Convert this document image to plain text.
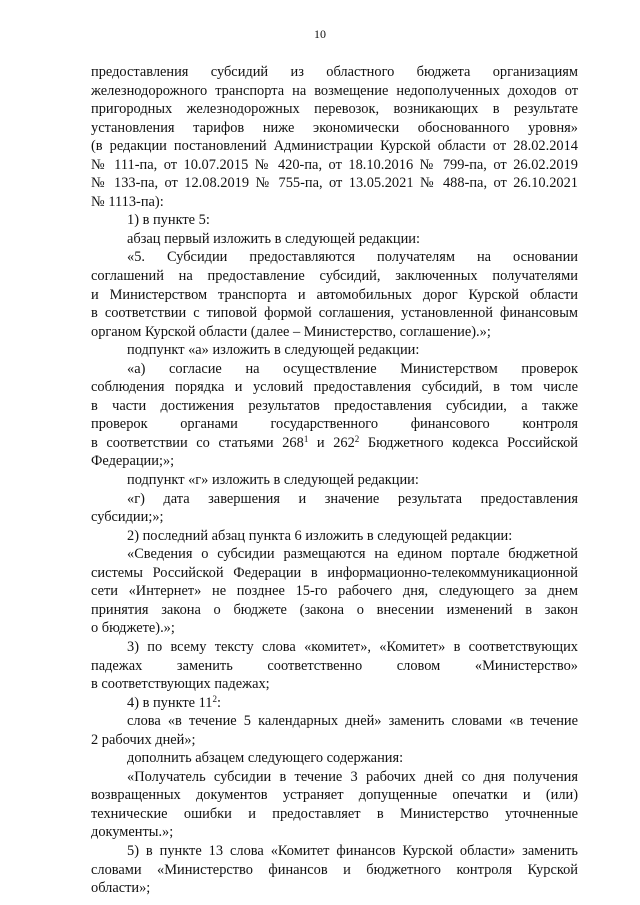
10
предоставления субсидий из областного бюджета организациям
железнодорожного транспорта на возмещение недополученных доходов от
пригородных железнодорожных перевозок, возникающих в результате
установления тарифов ниже экономически обоснованного уровня»
(в редакции постановлений Администрации Курской области от 28.02.2014
№ 111-па, от 10.07.2015 № 420-па, от 18.10.2016 № 799-па, от 26.02.2019
№ 133-па, от 12.08.2019 № 755-па, от 13.05.2021 № 488-па, от 26.10.2021
№ 1113-па):
1) в пункте 5:
абзац первый изложить в следующей редакции:
«5. Субсидии предоставляются получателям на основании
соглашений на предоставление субсидий, заключенных получателями
и Министерством транспорта и автомобильных дорог Курской области
в соответствии с типовой формой соглашения, установленной финансовым
органом Курской области (далее – Министерство, соглашение).»;
подпункт «а» изложить в следующей редакции:
«а) согласие на осуществление Министерством проверок
соблюдения порядка и условий предоставления субсидий, в том числе
в части достижения результатов предоставления субсидии, а также
проверок органами государственного финансового контроля
в соответствии со статьями $268^1$ и $262^2$ Бюджетного кодекса Российской
Федерации;»;
подпункт «г» изложить в следующей редакции:
«г) дата завершения и значение результата предоставления
субсидии;»;
2) последний абзац пункта 6 изложить в следующей редакции:
«Сведения о субсидии размещаются на едином портале бюджетной
системы Российской Федерации в информационно-телекоммуникационной
сети «Интернет» не позднее 15-го рабочего дня, следующего за днем
принятия закона о бюджете (закона о внесении изменений в закон
о бюджете).»;
3) по всему тексту слова «комитет», «Комитет» в соответствующих
падежах заменить соответственно словом «Министерство»
в соответствующих падежах;
4) в пункте $11^2$:
слова «в течение 5 календарных дней» заменить словами «в течение
2 рабочих дней»;
дополнить абзацем следующего содержания:
«Получатель субсидии в течение 3 рабочих дней со дня получения
возвращенных документов устраняет допущенные опечатки и (или)
технические ошибки и предоставляет в Министерство уточненные
документы.»;
5) в пункте 13 слова «Комитет финансов Курской области» заменить
словами «Министерство финансов и бюджетного контроля Курской
области»;
